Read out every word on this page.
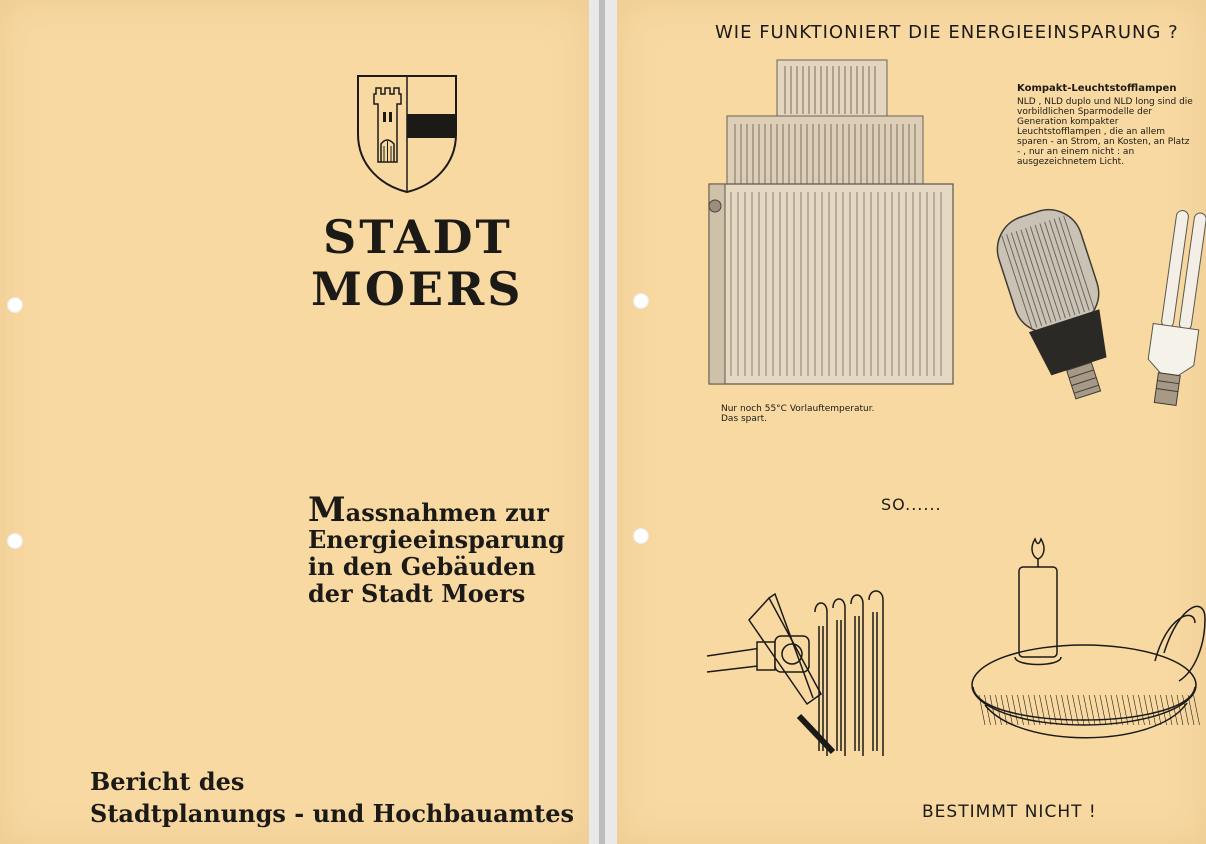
STADT
MOERS
Massnahmen zur
Energieeinsparung
in den Gebäuden
der Stadt Moers
Bericht des
Stadtplanungs - und Hochbauamtes
WIE FUNKTIONIERT DIE ENERGIEEINSPARUNG ?
Nur noch 55°C Vorlauftemperatur.
Das spart.
Kompakt-Leuchtstofflampen
NLD , NLD duplo und NLD long sind die vorbildlichen Sparmodelle der Generation kompakter Leuchtstofflampen , die an allem sparen - an Strom, an Kosten, an Platz - , nur an einem nicht : an ausgezeichnetem Licht.
SO......
BESTIMMT NICHT !
